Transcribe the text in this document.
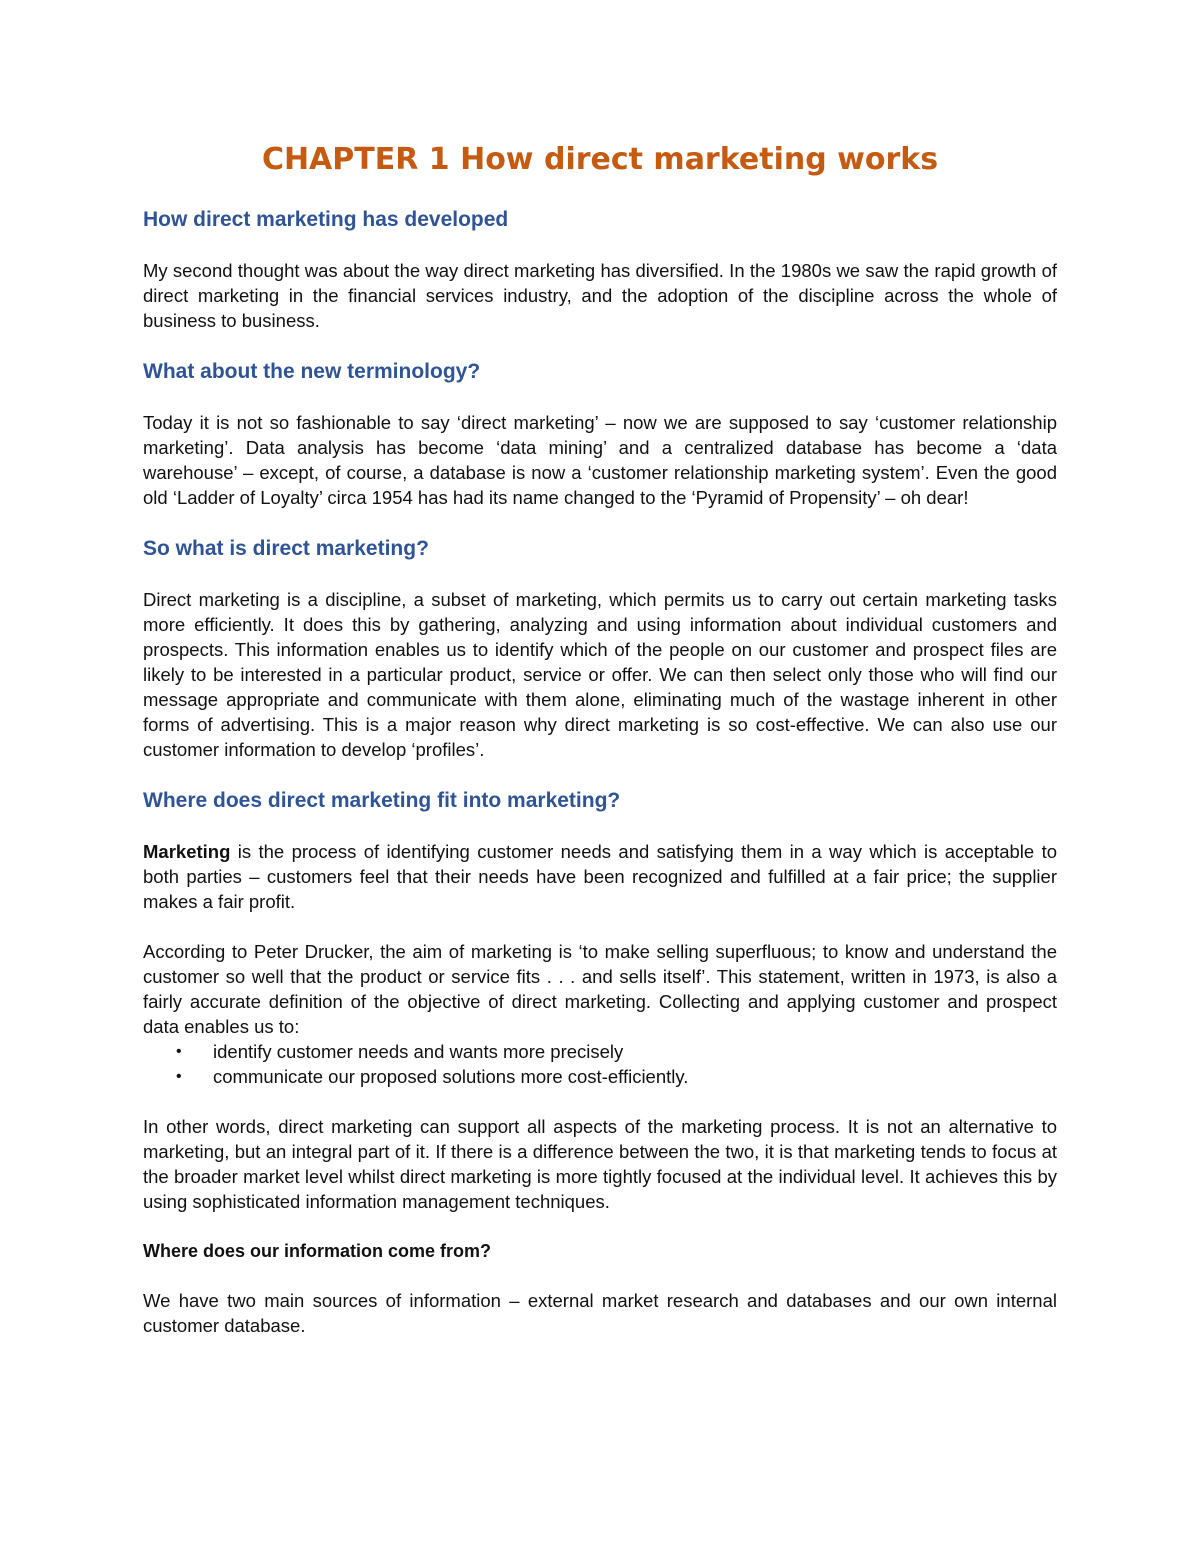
CHAPTER 1 How direct marketing works
How direct marketing has developed

My second thought was about the way direct marketing has diversified. In the 1980s we saw the rapid growth of direct marketing in the financial services industry, and the adoption of the discipline across the whole of business to business.

What about the new terminology?

Today it is not so fashionable to say ‘direct marketing’ – now we are supposed to say ‘customer relationship marketing’. Data analysis has become ‘data mining’ and a centralized database has become a ‘data warehouse’ – except, of course, a database is now a ‘customer relationship marketing system’. Even the good old ‘Ladder of Loyalty’ circa 1954 has had its name changed to the ‘Pyramid of Propensity’ – oh dear!

So what is direct marketing?

Direct marketing is a discipline, a subset of marketing, which permits us to carry out certain marketing tasks more efficiently. It does this by gathering, analyzing and using information about individual customers and prospects. This information enables us to identify which of the people on our customer and prospect files are likely to be interested in a particular product, service or offer. We can then select only those who will find our message appropriate and communicate with them alone, eliminating much of the wastage inherent in other forms of advertising. This is a major reason why direct marketing is so cost-effective. We can also use our customer information to develop ‘profiles’.

Where does direct marketing fit into marketing?

Marketing is the process of identifying customer needs and satisfying them in a way which is acceptable to both parties – customers feel that their needs have been recognized and fulfilled at a fair price; the supplier makes a fair profit.

According to Peter Drucker, the aim of marketing is ‘to make selling superfluous; to know and understand the customer so well that the product or service fits . . . and sells itself’. This statement, written in 1973, is also a fairly accurate definition of the objective of direct marketing. Collecting and applying customer and prospect data enables us to:

• identify customer needs and wants more precisely
• communicate our proposed solutions more cost-efficiently.

In other words, direct marketing can support all aspects of the marketing process. It is not an alternative to marketing, but an integral part of it. If there is a difference between the two, it is that marketing tends to focus at the broader market level whilst direct marketing is more tightly focused at the individual level. It achieves this by using sophisticated information management techniques.

Where does our information come from?

We have two main sources of information – external market research and databases and our own internal customer database.
